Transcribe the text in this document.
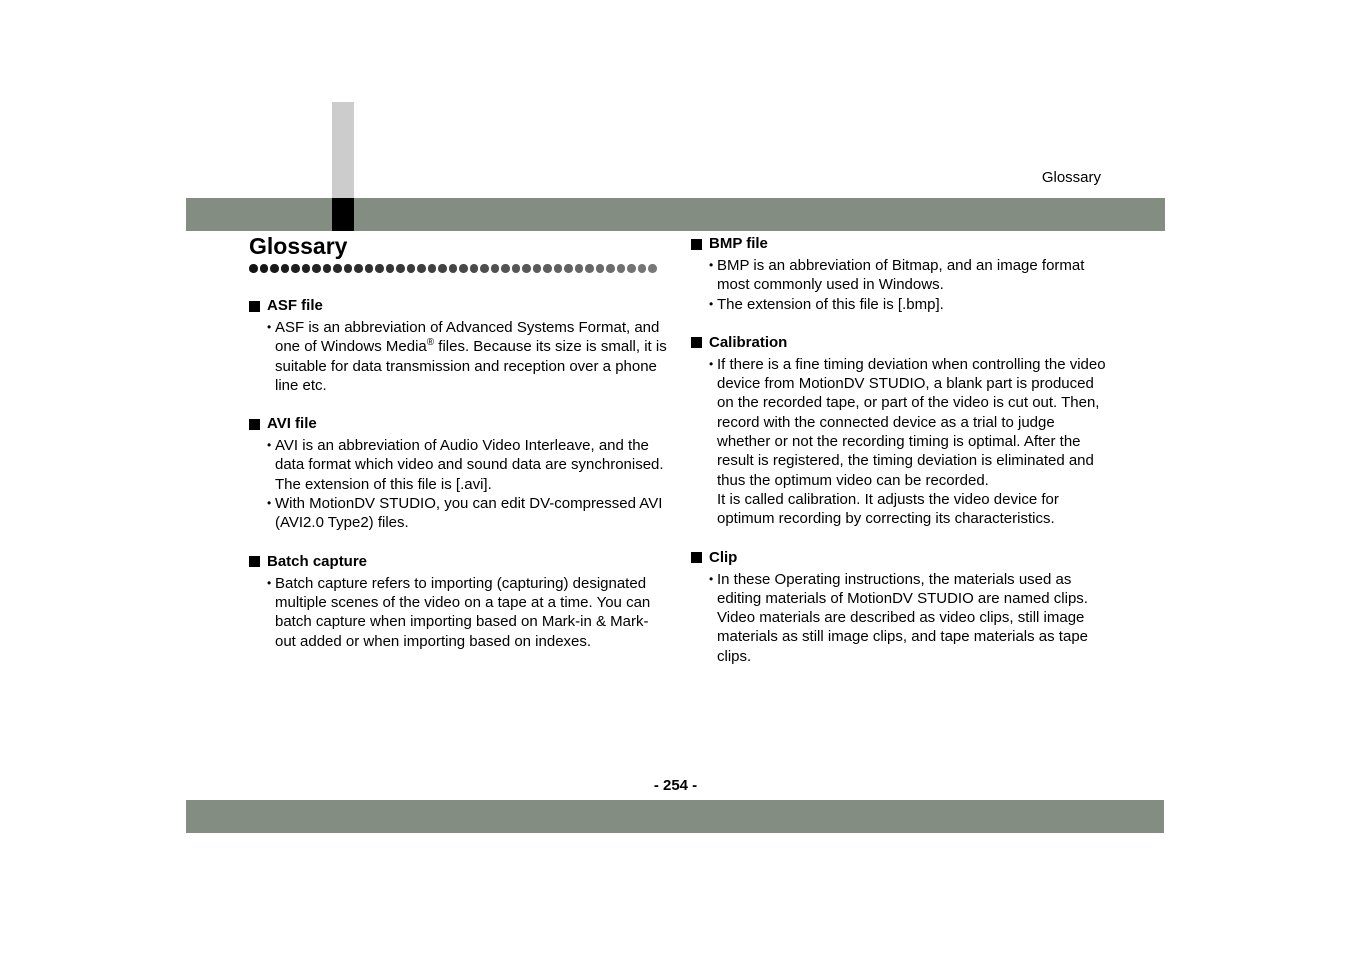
Glossary
Glossary
ASF file

• ASF is an abbreviation of Advanced Systems Format, and one of Windows Media® files. Because its size is small, it is suitable for data transmission and reception over a phone line etc.

AVI file

• AVI is an abbreviation of Audio Video Interleave, and the data format which video and sound data are synchronised. The extension of this file is [.avi].

• With MotionDV STUDIO, you can edit DV-compressed AVI (AVI2.0 Type2) files.

Batch capture

• Batch capture refers to importing (capturing) designated multiple scenes of the video on a tape at a time. You can batch capture when importing based on Mark-in & Mark-out added or when importing based on indexes.

BMP file

• BMP is an abbreviation of Bitmap, and an image format most commonly used in Windows.

• The extension of this file is [.bmp].

Calibration

• If there is a fine timing deviation when controlling the video device from MotionDV STUDIO, a blank part is produced on the recorded tape, or part of the video is cut out. Then, record with the connected device as a trial to judge whether or not the recording timing is optimal. After the result is registered, the timing deviation is eliminated and thus the optimum video can be recorded.

It is called calibration. It adjusts the video device for optimum recording by correcting its characteristics.

Clip

• In these Operating instructions, the materials used as editing materials of MotionDV STUDIO are named clips. Video materials are described as video clips, still image materials as still image clips, and tape materials as tape clips.

- 254 -
